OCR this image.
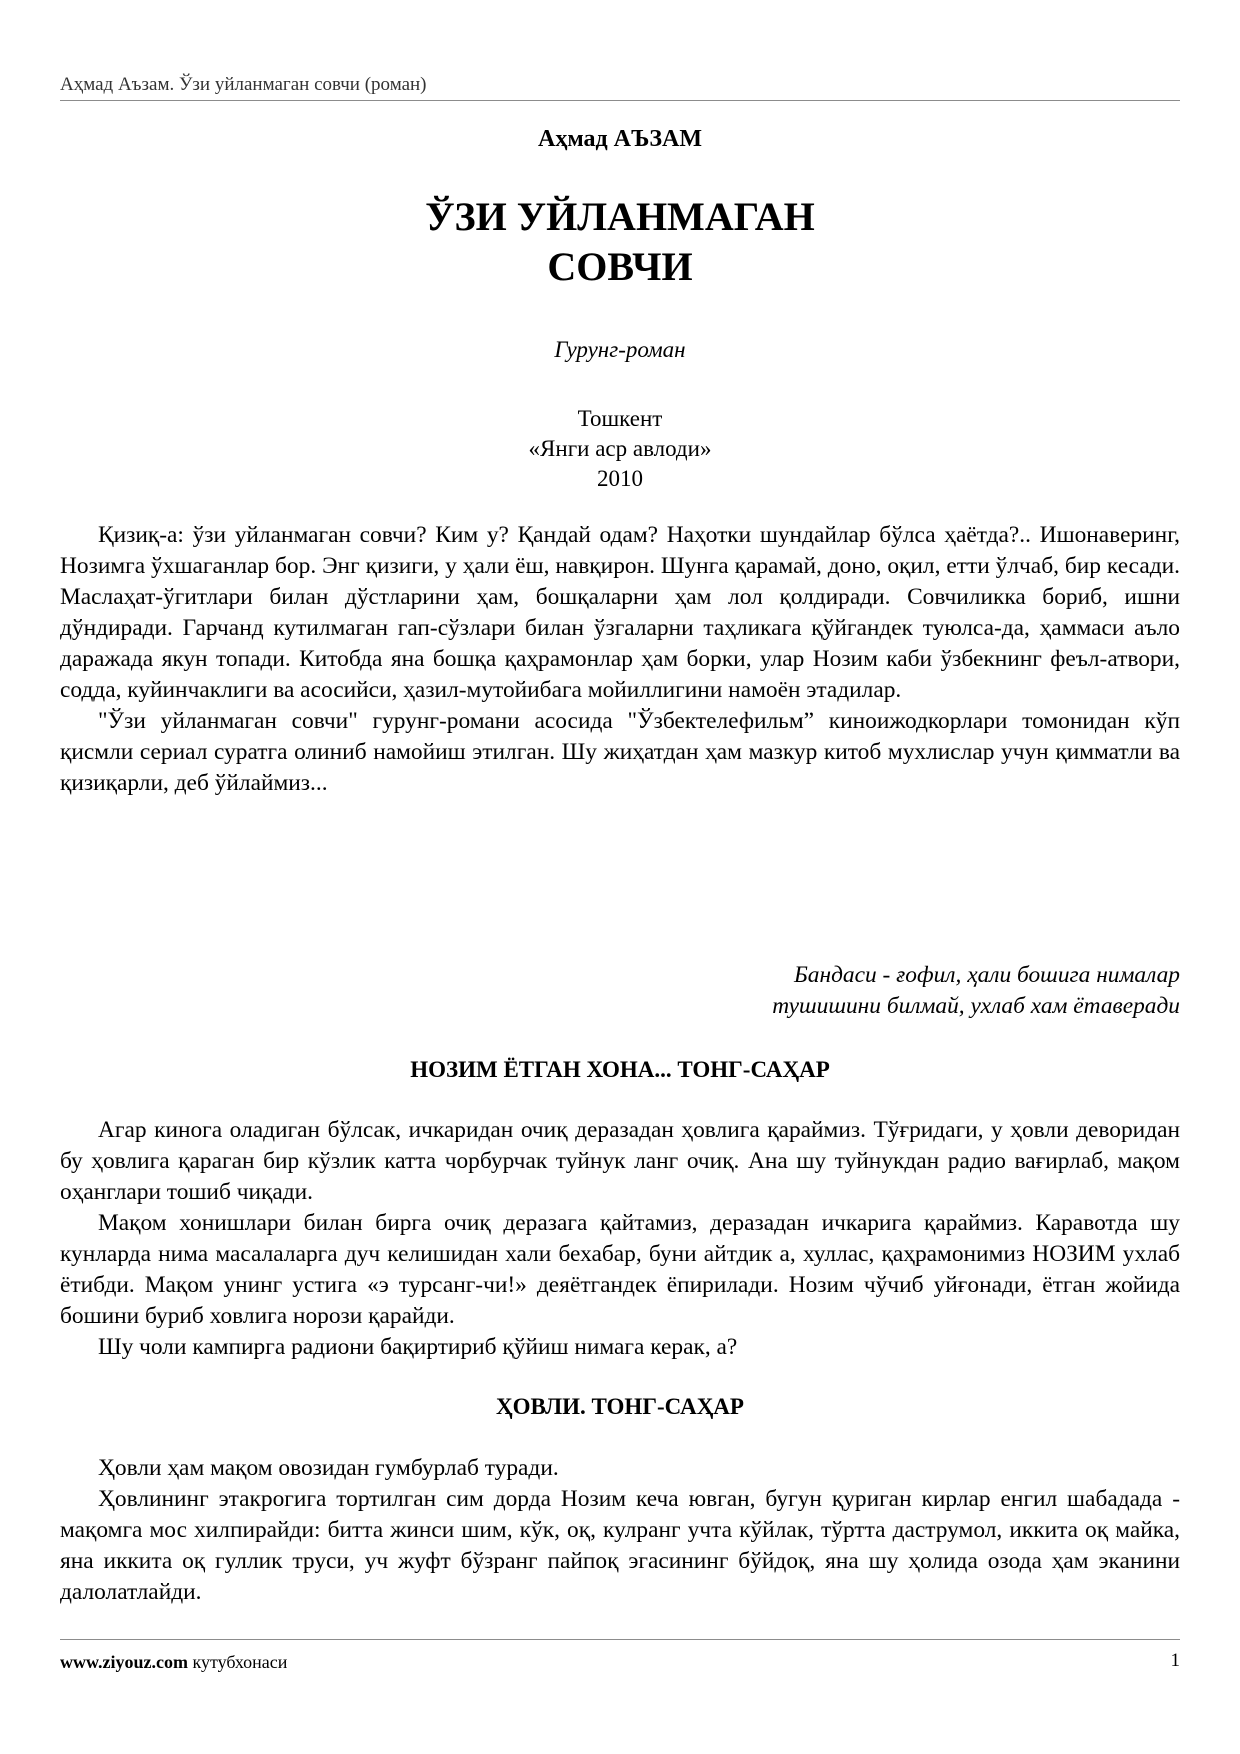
Аҳмад Аъзам. Ўзи уйланмаган совчи (роман)
Аҳмад АЪЗАМ
ЎЗИ УЙЛАНМАГАН
СОВЧИ
Гурунг-роман
Тошкент
«Янги аср авлоди»
2010

Қизиқ-а: ўзи уйланмаган совчи? Ким у? Қандай одам? Наҳотки шундайлар бўлса ҳаётда?.. Ишонаверинг, Нозимга ўхшаганлар бор. Энг қизиги, у ҳали ёш, навқирон. Шунга қарамай, доно, оқил, етти ўлчаб, бир кесади. Маслаҳат-ўгитлари билан дўстларини ҳам, бошқаларни ҳам лол қолдиради. Совчиликка бориб, ишни дўндиради. Гарчанд кутилмаган гап-сўзлари билан ўзгаларни таҳликага қўйгандек туюлса-да, ҳаммаси аъло даражада якун топади. Китобда яна бошқа қаҳрамонлар ҳам борки, улар Нозим каби ўзбекнинг феъл-атвори, содда, куйинчаклиги ва асосийси, ҳазил-мутойибага мойиллигини намоён этадилар.

"Ўзи уйланмаган совчи" гурунг-романи асосида "Ўзбектелефильм” киноижодкорлари томонидан кўп қисмли сериал суратга олиниб намойиш этилган. Шу жиҳатдан ҳам мазкур китоб мухлислар учун қимматли ва қизиқарли, деб ўйлаймиз...

Бандаси - ғофил, ҳали бошига нималар
тушишини билмай, ухлаб хам ётаверади
НОЗИМ ЁТГАН ХОНА... ТОНГ-САҲАР

Агар кинога оладиган бўлсак, ичкаридан очиқ деразадан ҳовлига қараймиз. Тўғридаги, у ҳовли деворидан бу ҳовлига қараган бир кўзлик катта чорбурчак туйнук ланг очиқ. Ана шу туйнукдан радио вағирлаб, мақом оҳанглари тошиб чиқади.

Мақом хонишлари билан бирга очиқ деразага қайтамиз, деразадан ичкарига қараймиз. Каравотда шу кунларда нима масалаларга дуч келишидан хали бехабар, буни айтдик а, хуллас, қаҳрамонимиз НОЗИМ ухлаб ётибди. Мақом унинг устига «э турсанг-чи!» деяётгандек ёпирилади. Нозим чўчиб уйғонади, ётган жойида бошини буриб ховлига норози қарайди.

Шу чоли кампирга радиони бақиртириб қўйиш нимага керак, а?

ҲОВЛИ. ТОНГ-САҲАР

Ҳовли ҳам мақом овозидан гумбурлаб туради.

Ҳовлининг этакрогига тортилган сим дорда Нозим кеча ювган, бугун қуриган кирлар енгил шабадада - мақомга мос хилпирайди: битта жинси шим, кўк, оқ, кулранг учта кўйлак, тўртта даструмол, иккита оқ майка, яна иккита оқ гуллик труси, уч жуфт бўзранг пайпоқ эгасининг бўйдоқ, яна шу ҳолида озода ҳам эканини далолатлайди.

www.ziyouz.com кутубхонаси	1
